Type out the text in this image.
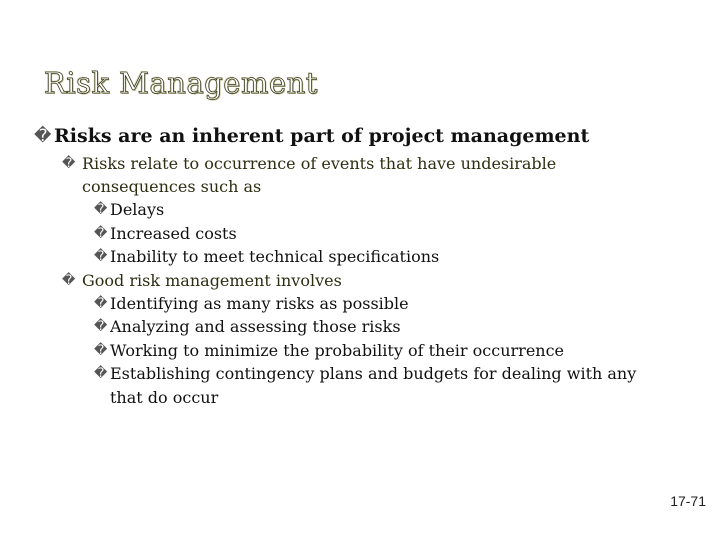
Risk Management
� Risks are an inherent part of project management
� Risks relate to occurrence of events that have undesirable
consequences such as
� Delays
� Increased costs
� Inability to meet technical specifications
� Good risk management involves
� Identifying as many risks as possible
� Analyzing and assessing those risks
� Working to minimize the probability of their occurrence
� Establishing contingency plans and budgets for dealing with any
that do occur
17-71
